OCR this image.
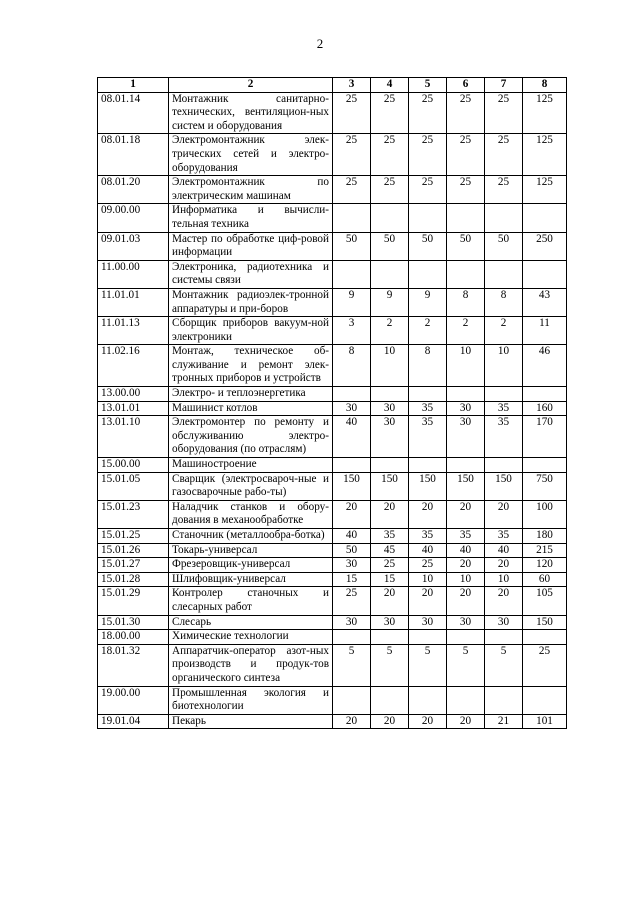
2
1	2	3	4	5	6	7	8
08.01.14	Монтажник санитарно-технических, вентиляцион-ных систем и оборудования	25	25	25	25	25	125
08.01.18	Электромонтажник элек-трических сетей и электро-оборудования	25	25	25	25	25	125
08.01.20	Электромонтажник по электрическим машинам	25	25	25	25	25	125
09.00.00	Информатика и вычисли-тельная техника						
09.01.03	Мастер по обработке циф-ровой информации	50	50	50	50	50	250
11.00.00	Электроника, радиотехника и системы связи						
11.01.01	Монтажник радиоэлек-тронной аппаратуры и при-боров	9	9	9	8	8	43
11.01.13	Сборщик приборов вакуум-ной электроники	3	2	2	2	2	11
11.02.16	Монтаж, техническое об-служивание и ремонт элек-тронных приборов и устройств	8	10	8	10	10	46
13.00.00	Электро- и теплоэнергетика						
13.01.01	Машинист котлов	30	30	35	30	35	160
13.01.10	Электромонтер по ремонту и обслуживанию электро-оборудования (по отраслям)	40	30	35	30	35	170
15.00.00	Машиностроение						
15.01.05	Сварщик (электросварoч-ные и газосварочные рабо-ты)	150	150	150	150	150	750
15.01.23	Наладчик станков и обору-дования в механообработке	20	20	20	20	20	100
15.01.25	Станочник (металлообра-ботка)	40	35	35	35	35	180
15.01.26	Токарь-универсал	50	45	40	40	40	215
15.01.27	Фрезеровщик-универсал	30	25	25	20	20	120
15.01.28	Шлифовщик-универсал	15	15	10	10	10	60
15.01.29	Контролер станочных и слесарных работ	25	20	20	20	20	105
15.01.30	Слесарь	30	30	30	30	30	150
18.00.00	Химические технологии						
18.01.32	Аппаратчик-оператор азот-ных производств и продук-тов органического синтеза	5	5	5	5	5	25
19.00.00	Промышленная экология и биотехнологии						
19.01.04	Пекарь	20	20	20	20	21	101
